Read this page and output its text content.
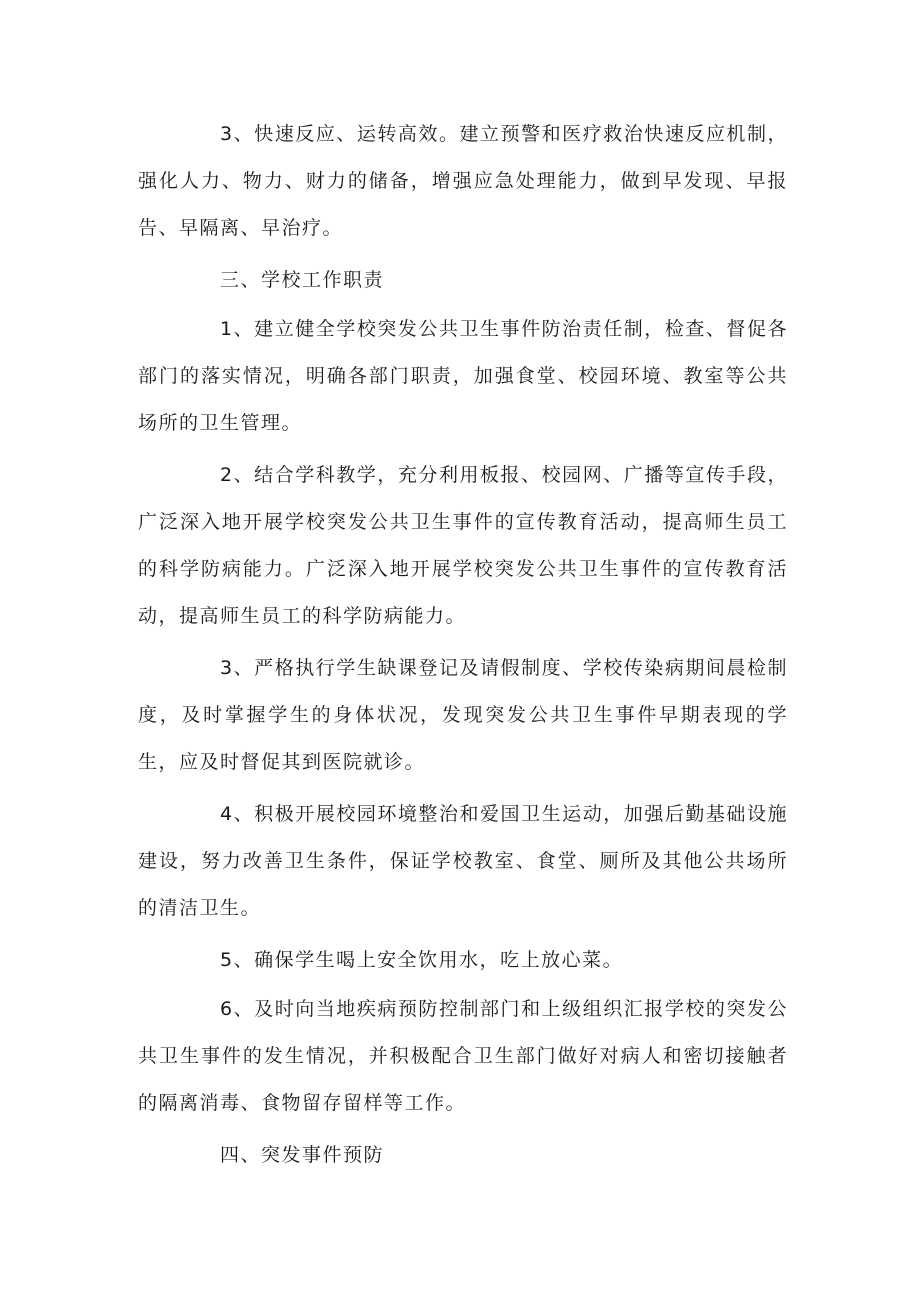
3、快速反应、运转高效。建立预警和医疗救治快速反应机制，强化人力、物力、财力的储备，增强应急处理能力，做到早发现、早报告、早隔离、早治疗。

三、学校工作职责

1、建立健全学校突发公共卫生事件防治责任制，检查、督促各部门的落实情况，明确各部门职责，加强食堂、校园环境、教室等公共场所的卫生管理。

2、结合学科教学，充分利用板报、校园网、广播等宣传手段，广泛深入地开展学校突发公共卫生事件的宣传教育活动，提高师生员工的科学防病能力。广泛深入地开展学校突发公共卫生事件的宣传教育活动，提高师生员工的科学防病能力。

3、严格执行学生缺课登记及请假制度、学校传染病期间晨检制度，及时掌握学生的身体状况，发现突发公共卫生事件早期表现的学生，应及时督促其到医院就诊。

4、积极开展校园环境整治和爱国卫生运动，加强后勤基础设施建设，努力改善卫生条件，保证学校教室、食堂、厕所及其他公共场所的清洁卫生。

5、确保学生喝上安全饮用水，吃上放心菜。

6、及时向当地疾病预防控制部门和上级组织汇报学校的突发公共卫生事件的发生情况，并积极配合卫生部门做好对病人和密切接触者的隔离消毒、食物留存留样等工作。

四、突发事件预防
